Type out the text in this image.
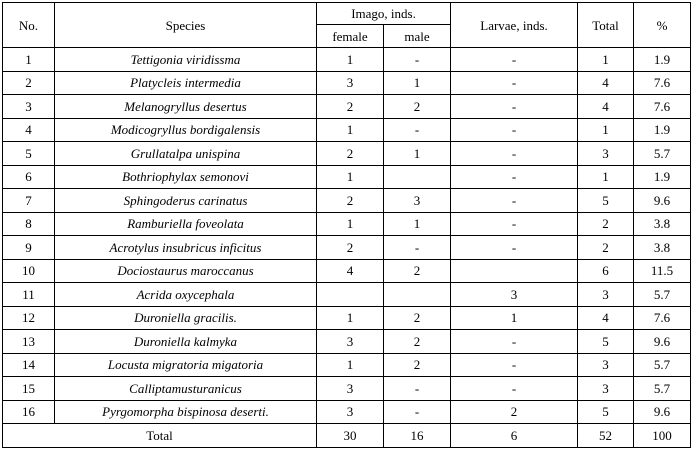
No.	Species	Imago, inds.		Larvae, inds.	Total	%
		female	male			
1	Tettigonia viridissma	1	-	-	1	1.9
2	Platycleis intermedia	3	1	-	4	7.6
3	Melanogryllus desertus	2	2	-	4	7.6
4	Modicogryllus bordigalensis	1	-	-	1	1.9
5	Grullatalpa unispina	2	1	-	3	5.7
6	Bothriophylax semonovi	1		-	1	1.9
7	Sphingoderus carinatus	2	3	-	5	9.6
8	Ramburiella foveolata	1	1	-	2	3.8
9	Acrotylus insubricus inficitus	2	-	-	2	3.8
10	Dociostaurus maroccanus	4	2		6	11.5
11	Acrida oxycephala			3	3	5.7
12	Duroniella gracilis.	1	2	1	4	7.6
13	Duroniella kalmyka	3	2	-	5	9.6
14	Locusta migratoria migatoria	1	2	-	3	5.7
15	Calliptamusturanicus	3	-	-	3	5.7
16	Pyrgomorpha bispinosa deserti.	3	-	2	5	9.6
Total		30	16	6	52	100
